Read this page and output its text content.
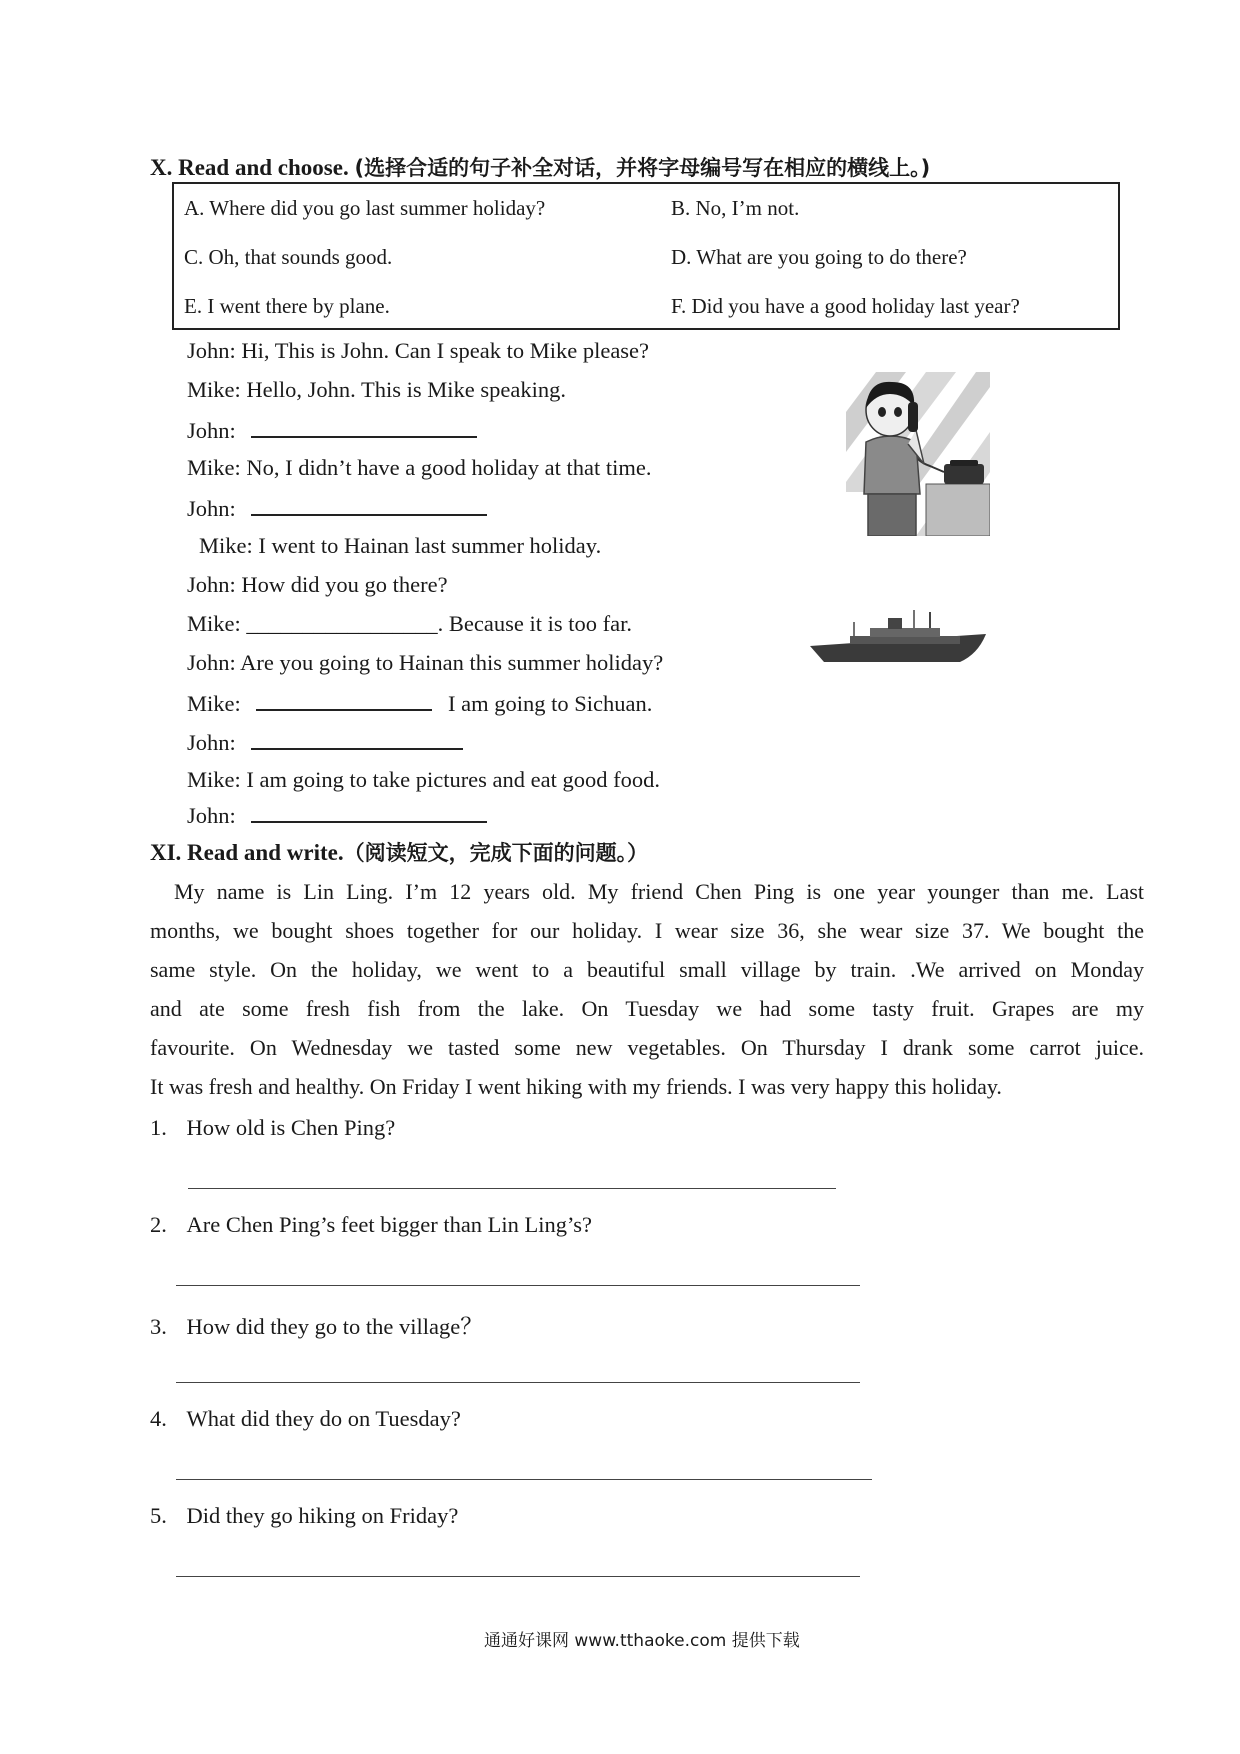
X. Read and choose. (选择合适的句子补全对话，并将字母编号写在相应的横线上。)
A. Where did you go last summer holiday?	B. No, I’m not.
C. Oh, that sounds good.	D. What are you going to do there?
E. I went there by plane.	F. Did you have a good holiday last year?
John: Hi, This is John. Can I speak to Mike please?
Mike: Hello, John. This is Mike speaking.
John:
Mike: No, I didn’t have a good holiday at that time.
John:
Mike: I went to Hainan last summer holiday.
John: How did you go there?
Mike: _________________. Because it is too far.
John: Are you going to Hainan this summer holiday?
Mike:	I am going to Sichuan.
John:
Mike: I am going to take pictures and eat good food.
John:
XI. Read and write.（阅读短文，完成下面的问题。）
My name is Lin Ling. I’m 12 years old. My friend Chen Ping is one year younger than me. Last
months, we bought shoes together for our holiday. I wear size 36, she wear size 37. We bought the
same style. On the holiday, we went to a beautiful small village by train. .We arrived on Monday
and ate some fresh fish from the lake. On Tuesday we had some tasty fruit. Grapes are my
favourite. On Wednesday we tasted some new vegetables. On Thursday I drank some carrot juice.
It was fresh and healthy. On Friday I went hiking with my friends. I was very happy this holiday.
1. How old is Chen Ping?
2. Are Chen Ping’s feet bigger than Lin Ling’s?
3. How did they go to the village？
4. What did they do on Tuesday?
5. Did they go hiking on Friday?
通通好课网 www.tthaoke.com 提供下载
